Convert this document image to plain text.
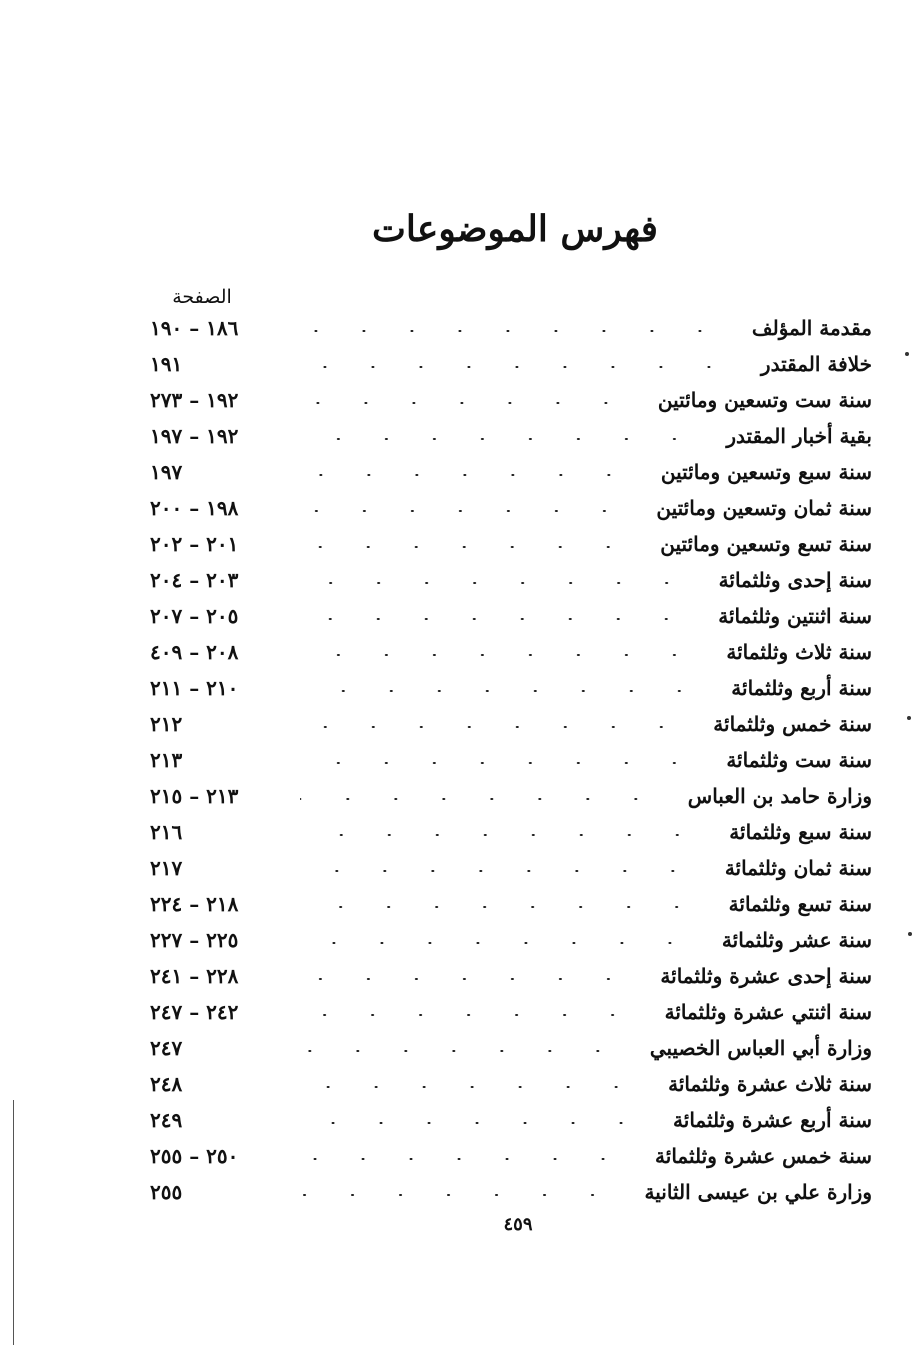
فهرس الموضوعات
الصفحة
مقدمة المؤلف
١٨٦ – ١٩٠
خلافة المقتدر
١٩١
سنة ست وتسعين ومائتين
١٩٢ – ٢٧٣
بقية أخبار المقتدر
١٩٢ – ١٩٧
سنة سبع وتسعين ومائتين
١٩٧
سنة ثمان وتسعين ومائتين
١٩٨ – ٢٠٠
سنة تسع وتسعين ومائتين
٢٠١ – ٢٠٢
سنة إحدى وثلثمائة
٢٠٣ – ٢٠٤
سنة اثنتين وثلثمائة
٢٠٥ – ٢٠٧
سنة ثلاث وثلثمائة
٢٠٨ – ٤٠٩
سنة أربع وثلثمائة
٢١٠ – ٢١١
سنة خمس وثلثمائة
٢١٢
سنة ست وثلثمائة
٢١٣
وزارة حامد بن العباس
٢١٣ – ٢١٥
سنة سبع وثلثمائة
٢١٦
سنة ثمان وثلثمائة
٢١٧
سنة تسع وثلثمائة
٢١٨ – ٢٢٤
سنة عشر وثلثمائة
٢٢٥ – ٢٢٧
سنة إحدى عشرة وثلثمائة
٢٢٨ – ٢٤١
سنة اثنتي عشرة وثلثمائة
٢٤٢ – ٢٤٧
وزارة أبي العباس الخصيبي
٢٤٧
سنة ثلاث عشرة وثلثمائة
٢٤٨
سنة أربع عشرة وثلثمائة
٢٤٩
سنة خمس عشرة وثلثمائة
٢٥٠ – ٢٥٥
وزارة علي بن عيسى الثانية
٢٥٥
٤٥٩
